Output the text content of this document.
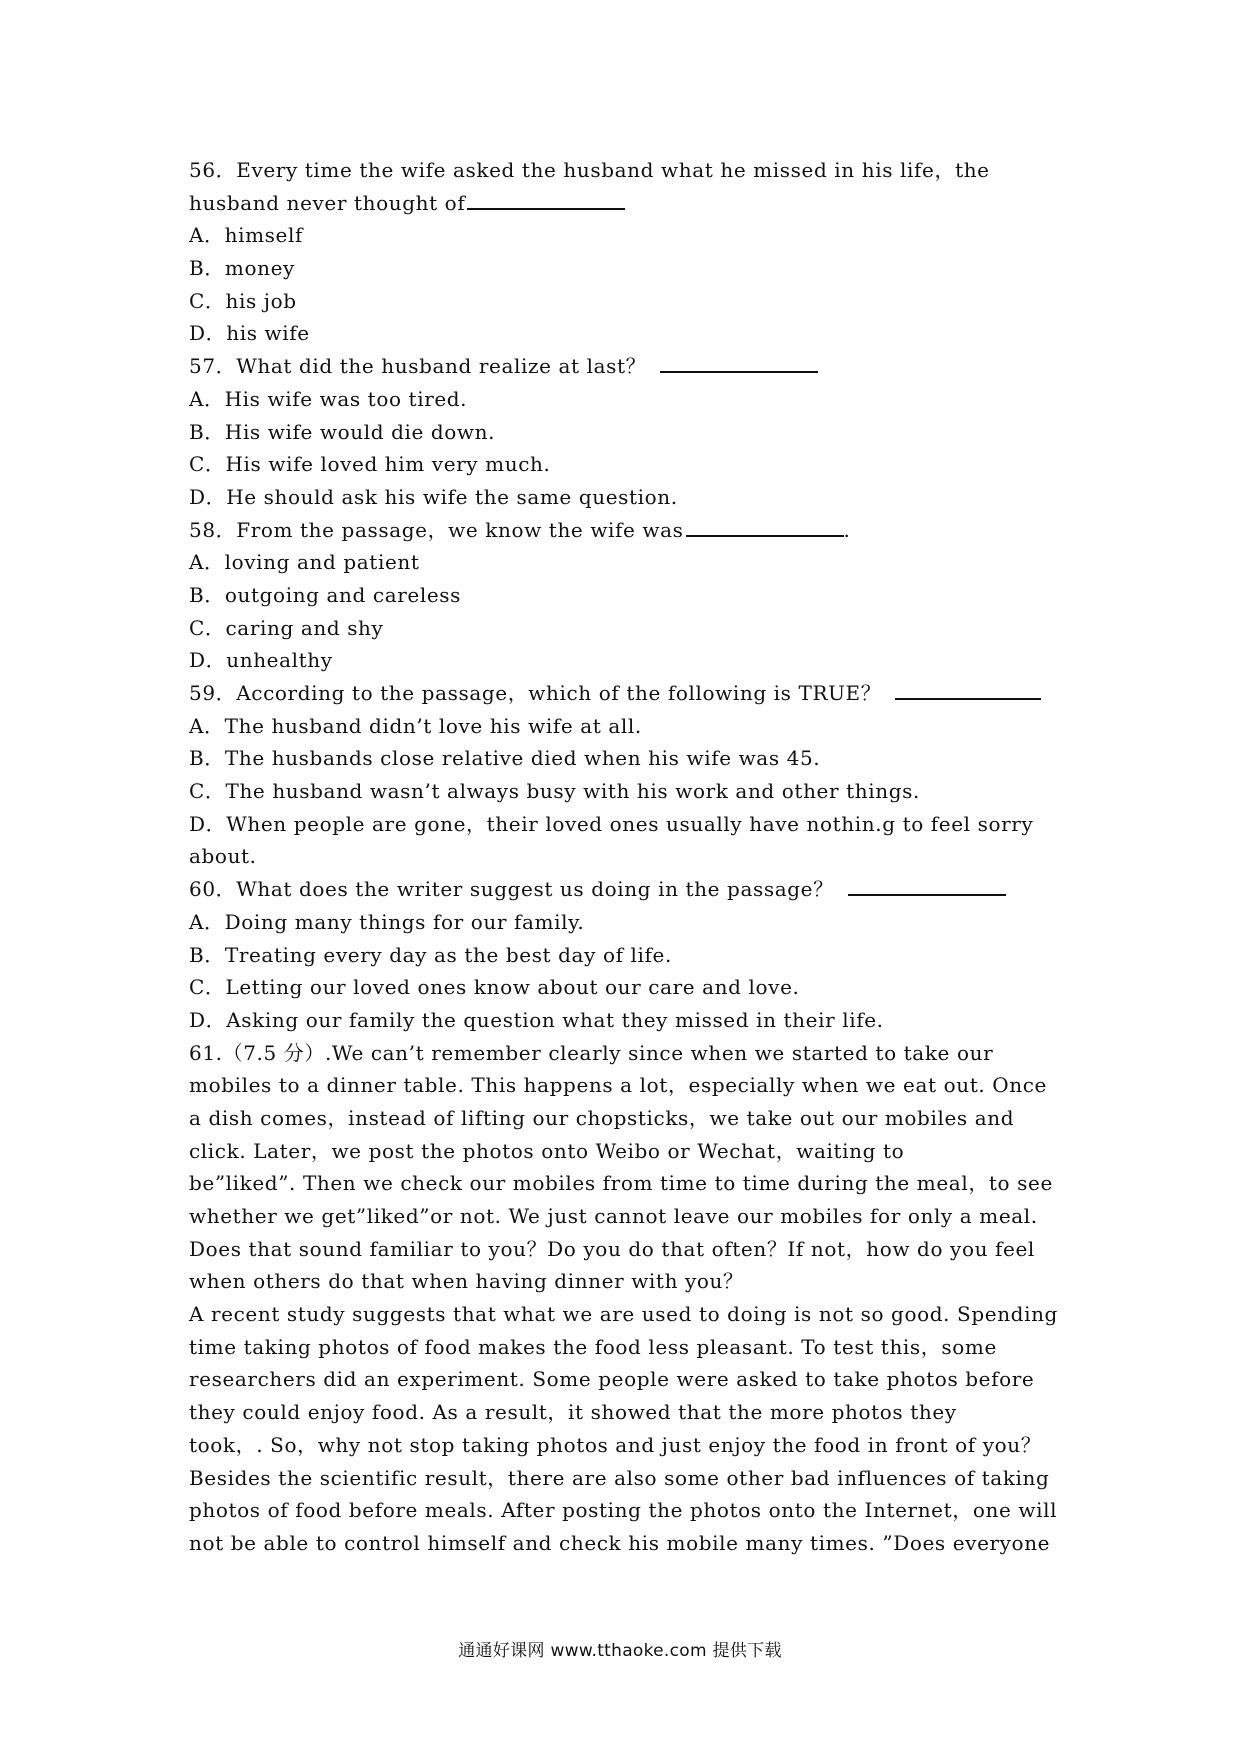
56．Every time the wife asked the husband what he missed in his life，the
husband never thought of
A．himself
B．money
C．his job
D．his wife
57．What did the husband realize at last？
A．His wife was too tired.
B．His wife would die down.
C．His wife loved him very much.
D．He should ask his wife the same question.
58．From the passage，we know the wife was	.
A．loving and patient
B．outgoing and careless
C．caring and shy
D．unhealthy
59．According to the passage，which of the following is TRUE？
A．The husband didn’t love his wife at all.
B．The husbands close relative died when his wife was 45.
C．The husband wasn’t always busy with his work and other things.
D．When people are gone，their loved ones usually have nothin.g to feel sorry
about.
60．What does the writer suggest us doing in the passage？
A．Doing many things for our family.
B．Treating every day as the best day of life.
C．Letting our loved ones know about our care and love.
D．Asking our family the question what they missed in their life.
61.（7.5 分）.We can’t remember clearly since when we started to take our
mobiles to a dinner table. This happens a lot，especially when we eat out. Once
a dish comes，instead of lifting our chopsticks，we take out our mobiles and
click. Later，we post the photos onto Weibo or Wechat，waiting to
be”liked”. Then we check our mobiles from time to time during the meal，to see
whether we get”liked”or not. We just cannot leave our mobiles for only a meal.
Does that sound familiar to you？Do you do that often？If not，how do you feel
when others do that when having dinner with you？
A recent study suggests that what we are used to doing is not so good. Spending
time taking photos of food makes the food less pleasant. To test this，some
researchers did an experiment. Some people were asked to take photos before
they could enjoy food. As a result，it showed that the more photos they
took，. So，why not stop taking photos and just enjoy the food in front of you？
Besides the scientific result，there are also some other bad influences of taking
photos of food before meals. After posting the photos onto the Internet，one will
not be able to control himself and check his mobile many times. ”Does everyone
通通好课网 www.tthaoke.com 提供下载
